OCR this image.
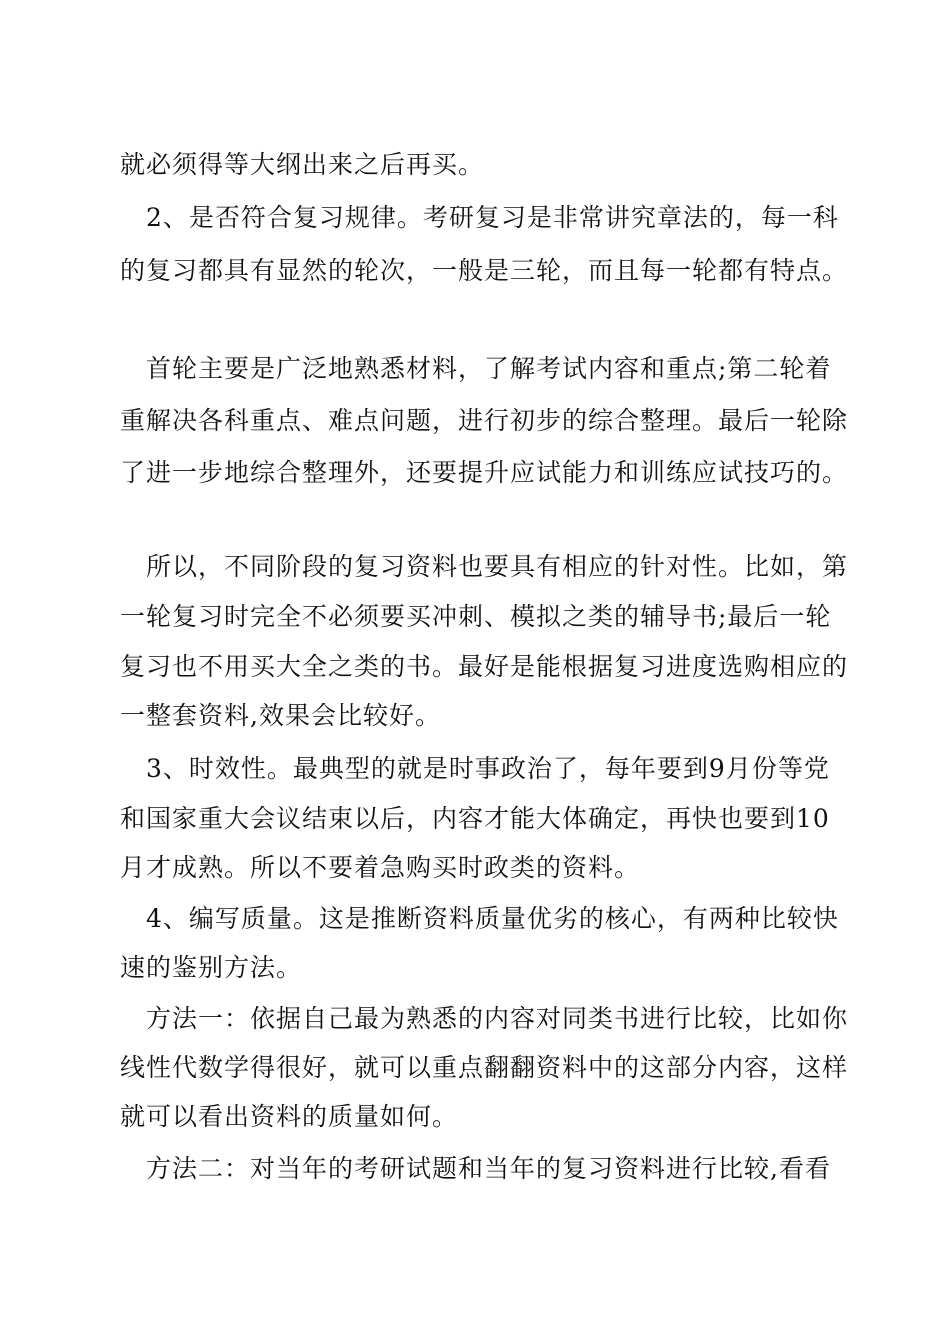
就必须得等大纲出来之后再买。
2、是否符合复习规律。考研复习是非常讲究章法的，每一科
的复习都具有显然的轮次，一般是三轮，而且每一轮都有特点。
首轮主要是广泛地熟悉材料，了解考试内容和重点;第二轮着
重解决各科重点、难点问题，进行初步的综合整理。最后一轮除
了进一步地综合整理外，还要提升应试能力和训练应试技巧的。
所以，不同阶段的复习资料也要具有相应的针对性。比如，第
一轮复习时完全不必须要买冲刺、模拟之类的辅导书;最后一轮
复习也不用买大全之类的书。最好是能根据复习进度选购相应的
一整套资料,效果会比较好。
3、时效性。最典型的就是时事政治了，每年要到9月份等党
和国家重大会议结束以后，内容才能大体确定，再快也要到10
月才成熟。所以不要着急购买时政类的资料。
4、编写质量。这是推断资料质量优劣的核心，有两种比较快
速的鉴别方法。
方法一：依据自己最为熟悉的内容对同类书进行比较，比如你
线性代数学得很好，就可以重点翻翻资料中的这部分内容，这样
就可以看出资料的质量如何。
方法二：对当年的考研试题和当年的复习资料进行比较,看看
